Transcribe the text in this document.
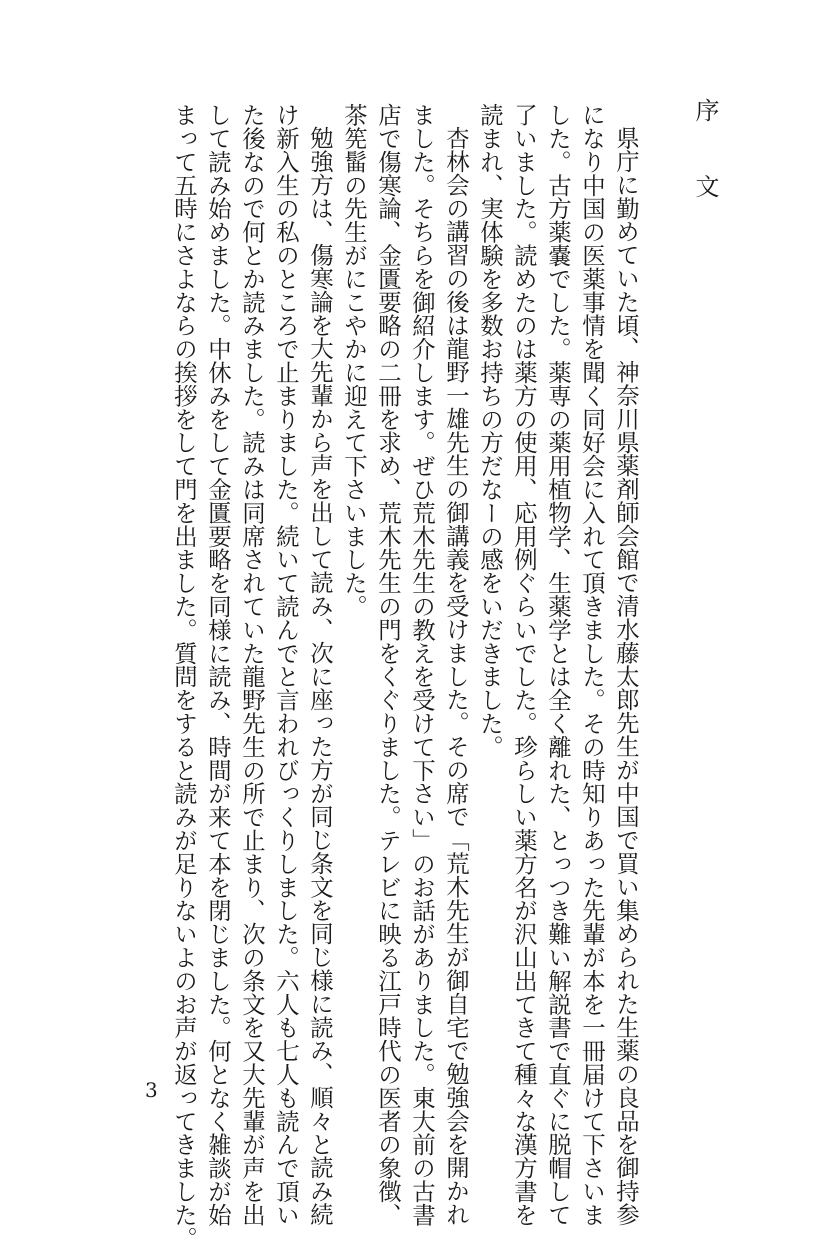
序　文
県庁に勤めていた頃、神奈川県薬剤師会館で清水藤太郎先生が中国で買い集められた生薬の良品を御持参
になり中国の医薬事情を聞く同好会に入れて頂きました。その時知りあった先輩が本を一冊届けて下さいま
した。古方薬嚢でした。薬専の薬用植物学、生薬学とは全く離れた、とっつき難い解説書で直ぐに脱帽して
了いました。読めたのは薬方の使用、応用例ぐらいでした。珍らしい薬方名が沢山出てきて種々な漢方書を
読まれ、実体験を多数お持ちの方だなーの感をいだきました。
杏林会の講習の後は龍野一雄先生の御講義を受けました。その席で「荒木先生が御自宅で勉強会を開かれ
ました。そちらを御紹介します。ぜひ荒木先生の教えを受けて下さい」のお話がありました。東大前の古書
店で傷寒論、金匱要略の二冊を求め、荒木先生の門をくぐりました。テレビに映る江戸時代の医者の象徴、
茶筅髷の先生がにこやかに迎えて下さいました。
勉強方は、傷寒論を大先輩から声を出して読み、次に座った方が同じ条文を同じ様に読み、順々と読み続
け新入生の私のところで止まりました。続いて読んでと言われびっくりしました。六人も七人も読んで頂い
た後なので何とか読みました。読みは同席されていた龍野先生の所で止まり、次の条文を又大先輩が声を出
して読み始めました。中休みをして金匱要略を同様に読み、時間が来て本を閉じました。何となく雑談が始
まって五時にさよならの挨拶をして門を出ました。質問をすると読みが足りないよのお声が返ってきました。
3
